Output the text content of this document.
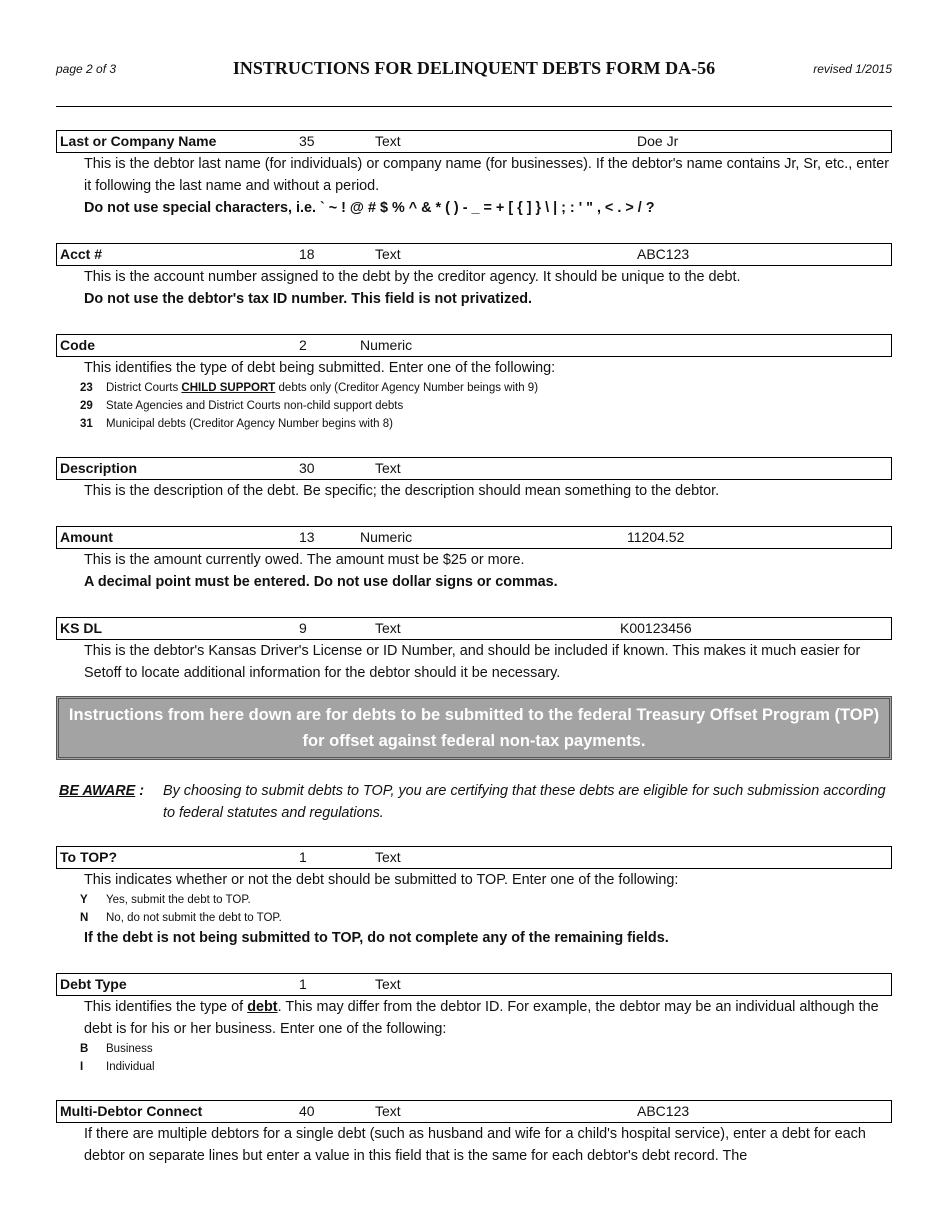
page 2 of 3	INSTRUCTIONS FOR DELINQUENT DEBTS FORM DA-56	revised 1/2015
Last or Company Name	35	Text	Doe Jr

This is the debtor last name (for individuals) or company name (for businesses). If the debtor's name contains Jr, Sr, etc., enter it following the last name and without a period.

Do not use special characters, i.e. ` ~ ! @ # $ % ^ & * ( ) - _ = + [ { ] } \ | ; : ' " , < . > / ?

Acct #	18	Text	ABC123

This is the account number assigned to the debt by the creditor agency. It should be unique to the debt.

Do not use the debtor's tax ID number. This field is not privatized.

Code	2	Numeric

This identifies the type of debt being submitted. Enter one of the following:

23	District Courts CHILD SUPPORT debts only (Creditor Agency Number beings with 9)
29	State Agencies and District Courts non-child support debts
31	Municipal debts (Creditor Agency Number begins with 8)
Description	30	Text

This is the description of the debt. Be specific; the description should mean something to the debtor.

Amount	13	Numeric	11204.52

This is the amount currently owed. The amount must be $25 or more.

A decimal point must be entered. Do not use dollar signs or commas.

KS DL	9	Text	K00123456

This is the debtor's Kansas Driver's License or ID Number, and should be included if known. This makes it much easier for Setoff to locate additional information for the debtor should it be necessary.

Instructions from here down are for debts to be submitted to the federal Treasury Offset Program (TOP) for offset against federal non-tax payments.
BE AWARE :	By choosing to submit debts to TOP, you are certifying that these debts are eligible for such submission according to federal statutes and regulations.
To TOP?	1	Text

This indicates whether or not the debt should be submitted to TOP. Enter one of the following:

Y	Yes, submit the debt to TOP.
N	No, do not submit the debt to TOP.

If the debt is not being submitted to TOP, do not complete any of the remaining fields.

Debt Type	1	Text

This identifies the type of debt. This may differ from the debtor ID. For example, the debtor may be an individual although the debt is for his or her business. Enter one of the following:

B	Business
I	Individual
Multi-Debtor Connect	40	Text	ABC123

If there are multiple debtors for a single debt (such as husband and wife for a child's hospital service), enter a debt for each debtor on separate lines but enter a value in this field that is the same for each debtor's debt record. The
